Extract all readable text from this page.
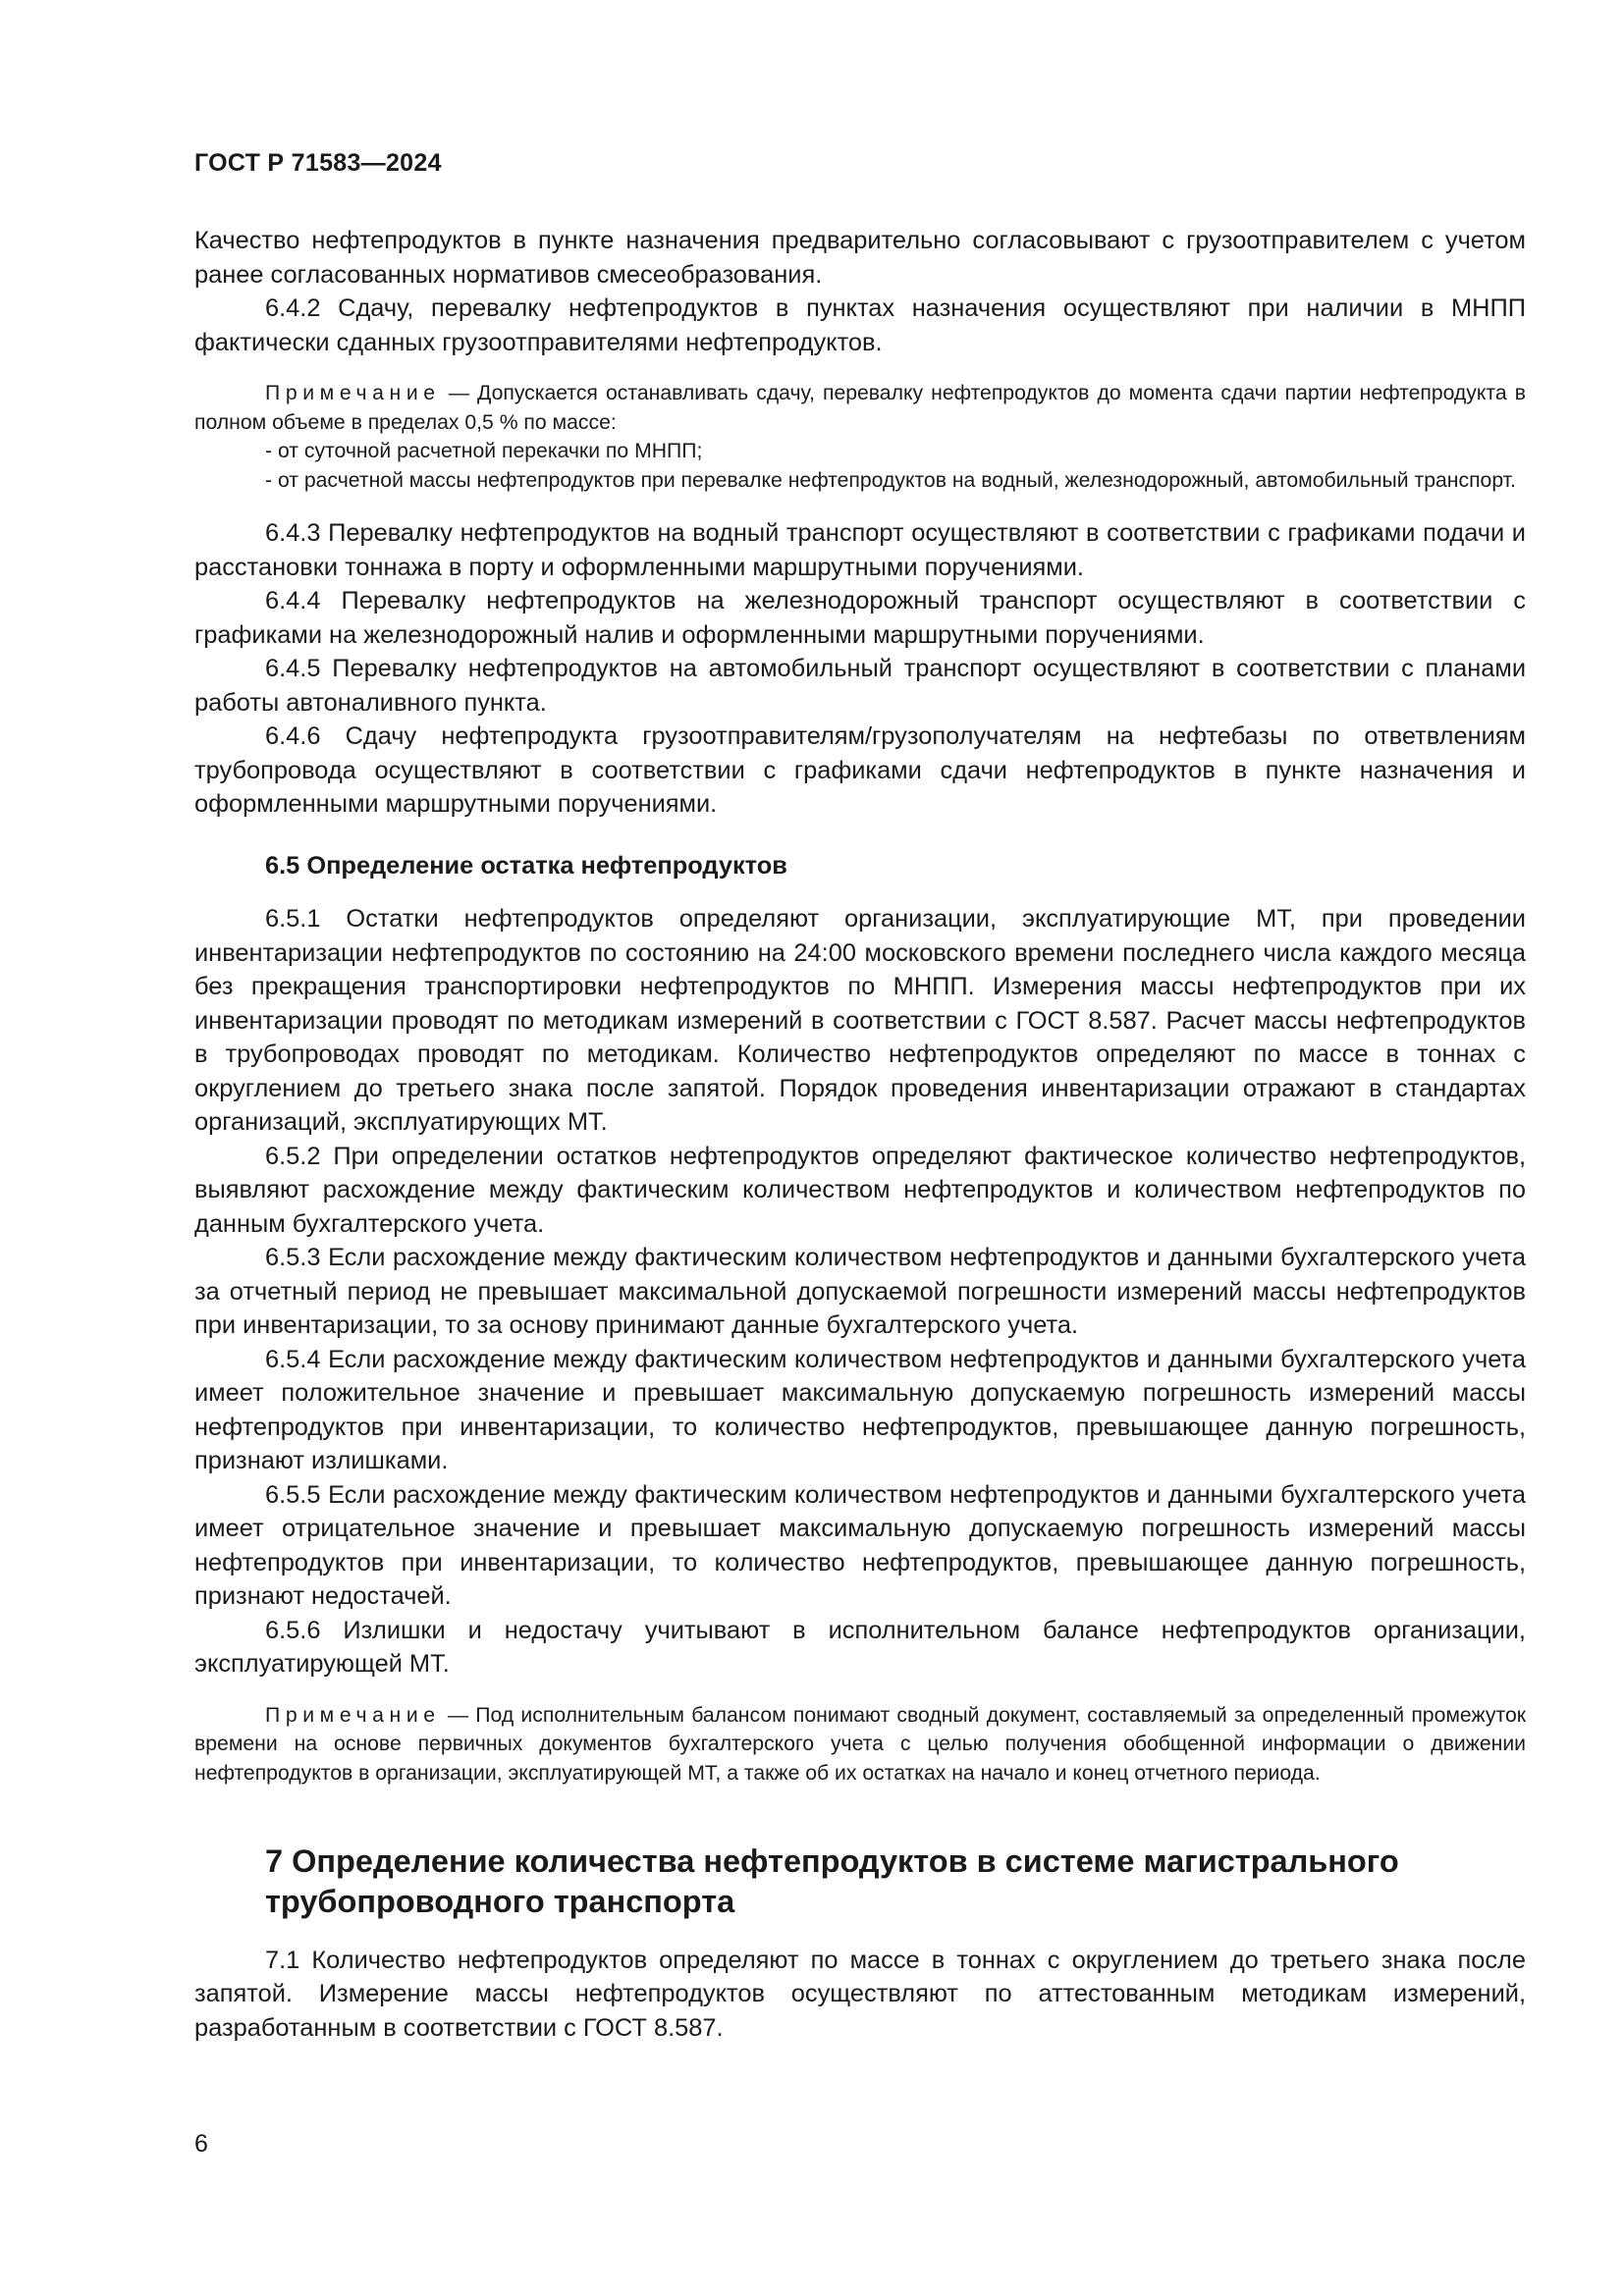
ГОСТ Р 71583—2024

Качество нефтепродуктов в пункте назначения предварительно согласовывают с грузоотправителем с учетом ранее согласованных нормативов смесеобразования.

6.4.2 Сдачу, перевалку нефтепродуктов в пунктах назначения осуществляют при наличии в МНПП фактически сданных грузоотправителями нефтепродуктов.

Примечание — Допускается останавливать сдачу, перевалку нефтепродуктов до момента сдачи партии нефтепродукта в полном объеме в пределах 0,5 % по массе:

- от суточной расчетной перекачки по МНПП;

- от расчетной массы нефтепродуктов при перевалке нефтепродуктов на водный, железнодорожный, автомобильный транспорт.

6.4.3 Перевалку нефтепродуктов на водный транспорт осуществляют в соответствии с графиками подачи и расстановки тоннажа в порту и оформленными маршрутными поручениями.

6.4.4 Перевалку нефтепродуктов на железнодорожный транспорт осуществляют в соответствии с графиками на железнодорожный налив и оформленными маршрутными поручениями.

6.4.5 Перевалку нефтепродуктов на автомобильный транспорт осуществляют в соответствии с планами работы автоналивного пункта.

6.4.6 Сдачу нефтепродукта грузоотправителям/грузополучателям на нефтебазы по ответвлениям трубопровода осуществляют в соответствии с графиками сдачи нефтепродуктов в пункте назначения и оформленными маршрутными поручениями.

6.5 Определение остатка нефтепродуктов

6.5.1 Остатки нефтепродуктов определяют организации, эксплуатирующие МТ, при проведении инвентаризации нефтепродуктов по состоянию на 24:00 московского времени последнего числа каждого месяца без прекращения транспортировки нефтепродуктов по МНПП. Измерения массы нефтепродуктов при их инвентаризации проводят по методикам измерений в соответствии с ГОСТ 8.587. Расчет массы нефтепродуктов в трубопроводах проводят по методикам. Количество нефтепродуктов определяют по массе в тоннах с округлением до третьего знака после запятой. Порядок проведения инвентаризации отражают в стандартах организаций, эксплуатирующих МТ.

6.5.2 При определении остатков нефтепродуктов определяют фактическое количество нефтепродуктов, выявляют расхождение между фактическим количеством нефтепродуктов и количеством нефтепродуктов по данным бухгалтерского учета.

6.5.3 Если расхождение между фактическим количеством нефтепродуктов и данными бухгалтерского учета за отчетный период не превышает максимальной допускаемой погрешности измерений массы нефтепродуктов при инвентаризации, то за основу принимают данные бухгалтерского учета.

6.5.4 Если расхождение между фактическим количеством нефтепродуктов и данными бухгалтерского учета имеет положительное значение и превышает максимальную допускаемую погрешность измерений массы нефтепродуктов при инвентаризации, то количество нефтепродуктов, превышающее данную погрешность, признают излишками.

6.5.5 Если расхождение между фактическим количеством нефтепродуктов и данными бухгалтерского учета имеет отрицательное значение и превышает максимальную допускаемую погрешность измерений массы нефтепродуктов при инвентаризации, то количество нефтепродуктов, превышающее данную погрешность, признают недостачей.

6.5.6 Излишки и недостачу учитывают в исполнительном балансе нефтепродуктов организации, эксплуатирующей МТ.

Примечание — Под исполнительным балансом понимают сводный документ, составляемый за определенный промежуток времени на основе первичных документов бухгалтерского учета с целью получения обобщенной информации о движении нефтепродуктов в организации, эксплуатирующей МТ, а также об их остатках на начало и конец отчетного периода.

7 Определение количества нефтепродуктов в системе магистрального трубопроводного транспорта

7.1 Количество нефтепродуктов определяют по массе в тоннах с округлением до третьего знака после запятой. Измерение массы нефтепродуктов осуществляют по аттестованным методикам измерений, разработанным в соответствии с ГОСТ 8.587.

6
